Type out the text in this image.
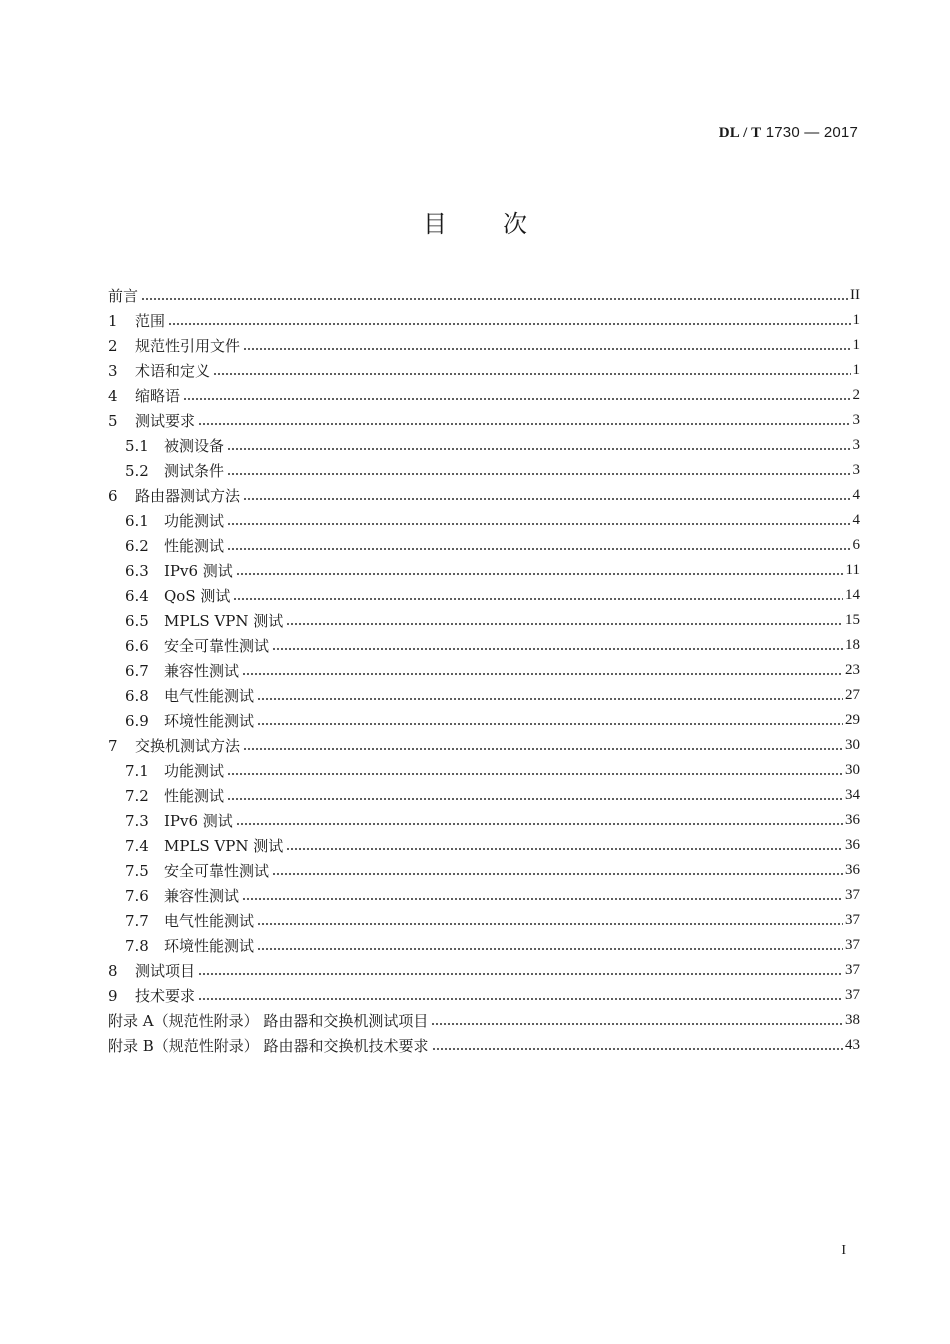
DL / T 1730 — 2017
目次
前言	II
1	范围	1
2	规范性引用文件	1
3	术语和定义	1
4	缩略语	2
5	测试要求	3
5.1	被测设备	3
5.2	测试条件	3
6	路由器测试方法	4
6.1	功能测试	4
6.2	性能测试	6
6.3	IPv6 测试	11
6.4	QoS 测试	14
6.5	MPLS VPN 测试	15
6.6	安全可靠性测试	18
6.7	兼容性测试	23
6.8	电气性能测试	27
6.9	环境性能测试	29
7	交换机测试方法	30
7.1	功能测试	30
7.2	性能测试	34
7.3	IPv6 测试	36
7.4	MPLS VPN 测试	36
7.5	安全可靠性测试	36
7.6	兼容性测试	37
7.7	电气性能测试	37
7.8	环境性能测试	37
8	测试项目	37
9	技术要求	37
附录 A（规范性附录） 路由器和交换机测试项目	38
附录 B（规范性附录） 路由器和交换机技术要求	43
I
